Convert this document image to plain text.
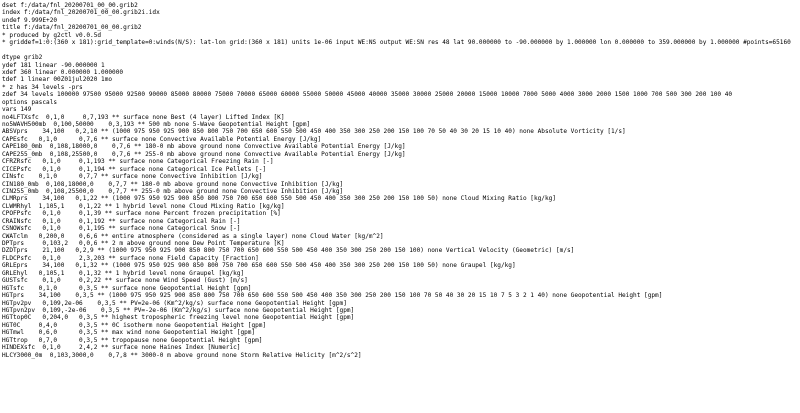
dset f:/data/fnl_20200701_00_00.grib2
index f:/data/fnl_20200701_00_00.grib2i.idx
undef 9.999E+20
title f:/data/fnl_20200701_00_00.grib2
* produced by g2ctl v0.0.5d
* griddef=1:0:(360 x 181):grid_template=0:winds(N/S): lat-lon grid:(360 x 181) units 1e-06 input WE:NS output WE:SN res 48 lat 90.000000 to -90.000000 by 1.000000 lon 0.000000 to 359.000000 by 1.000000 #points=65160
dtype grib2
ydef 181 linear -90.000000 1
xdef 360 linear 0.000000 1.000000
tdef 1 linear 00Z01jul2020 1mo
* z has 34 levels -prs
zdef 34 levels 100000 97500 95000 92500 90000 85000 80000 75000 70000 65000 60000 55000 50000 45000 40000 35000 30000 25000 20000 15000 10000 7000 5000 4000 3000 2000 1500 1000 700 500 300 200 100 40
options pascals
vars 149
no4LFTXsfc  0,1,0     0,7,193 ** surface none Best (4 layer) Lifted Index [K]
no5WAVH500mb  0,100,50000    0,3,193 ** 500 mb none 5-Wave Geopotential Height [gpm]
ABSVprs    34,100   0,2,10 ** (1000 975 950 925 900 850 800 750 700 650 600 550 500 450 400 350 300 250 200 150 100 70 50 40 30 20 15 10 40) none Absolute Vorticity [1/s]
CAPEsfc   0,1,0      0,7,6 ** surface none Convective Available Potential Energy [J/kg]
CAPE180_0mb  0,108,18000,0    0,7,6 ** 180-0 mb above ground none Convective Available Potential Energy [J/kg]
CAPE255_0mb  0,108,25500,0    0,7,6 ** 255-0 mb above ground none Convective Available Potential Energy [J/kg]
CFRZRsfc   0,1,0     0,1,193 ** surface none Categorical Freezing Rain [-]
CICEPsfc   0,1,0     0,1,194 ** surface none Categorical Ice Pellets [-]
CINsfc    0,1,0      0,7,7 ** surface none Convective Inhibition [J/kg]
CIN180_0mb  0,108,18000,0    0,7,7 ** 180-0 mb above ground none Convective Inhibition [J/kg]
CIN255_0mb  0,108,25500,0    0,7,7 ** 255-0 mb above ground none Convective Inhibition [J/kg]
CLMRprs    34,100   0,1,22 ** (1000 975 950 925 900 850 800 750 700 650 600 550 500 450 400 350 300 250 200 150 100 50) none Cloud Mixing Ratio [kg/kg]
CLWMRhyl  1,105,1    0,1,22 ** 1 hybrid level none Cloud Mixing Ratio [kg/kg]
CPOFPsfc   0,1,0     0,1,39 ** surface none Percent frozen precipitation [%]
CRAINsfc   0,1,0     0,1,192 ** surface none Categorical Rain [-]
CSNOWsfc   0,1,0     0,1,195 ** surface none Categorical Snow [-]
CWATclm   0,200,0    0,6,6 ** entire atmosphere (considered as a single layer) none Cloud Water [kg/m^2]
DPTprs     0,103,2   0,0,6 ** 2 m above ground none Dew Point Temperature [K]
DZDTprs    21,100   0,2,9 ** (1000 975 950 925 900 850 800 750 700 650 600 550 500 450 400 350 300 250 200 150 100) none Vertical Velocity (Geometric) [m/s]
FLDCPsfc   0,1,0     2,3,203 ** surface none Field Capacity [Fraction]
GRLEprs    34,100   0,1,32 ** (1000 975 950 925 900 850 800 750 700 650 600 550 500 450 400 350 300 250 200 150 100 50) none Graupel [kg/kg]
GRLEhyl   0,105,1    0,1,32 ** 1 hybrid level none Graupel [kg/kg]
GUSTsfc    0,1,0     0,2,22 ** surface none Wind Speed (Gust) [m/s]
HGTsfc    0,1,0      0,3,5 ** surface none Geopotential Height [gpm]
HGTprs    34,100    0,3,5 ** (1000 975 950 925 900 850 800 750 700 650 600 550 500 450 400 350 300 250 200 150 100 70 50 40 30 20 15 10 7 5 3 2 1 40) none Geopotential Height [gpm]
HGTpv2pv   0,109,2e-06    0,3,5 ** PV=2e-06 (Km^2/kg/s) surface none Geopotential Height [gpm]
HGTpvn2pv  0,109,-2e-06    0,3,5 ** PV=-2e-06 (Km^2/kg/s) surface none Geopotential Height [gpm]
HGTtop0C   0,204,0   0,3,5 ** highest tropospheric freezing level none Geopotential Height [gpm]
HGT0C     0,4,0      0,3,5 ** 0C isotherm none Geopotential Height [gpm]
HGTmwl    0,6,0      0,3,5 ** max wind none Geopotential Height [gpm]
HGTtrop   0,7,0      0,3,5 ** tropopause none Geopotential Height [gpm]
HINDEXsfc  0,1,0     2,4,2 ** surface none Haines Index [Numeric]
HLCY3000_0m  0,103,3000,0    0,7,8 ** 3000-0 m above ground none Storm Relative Helicity [m^2/s^2]
